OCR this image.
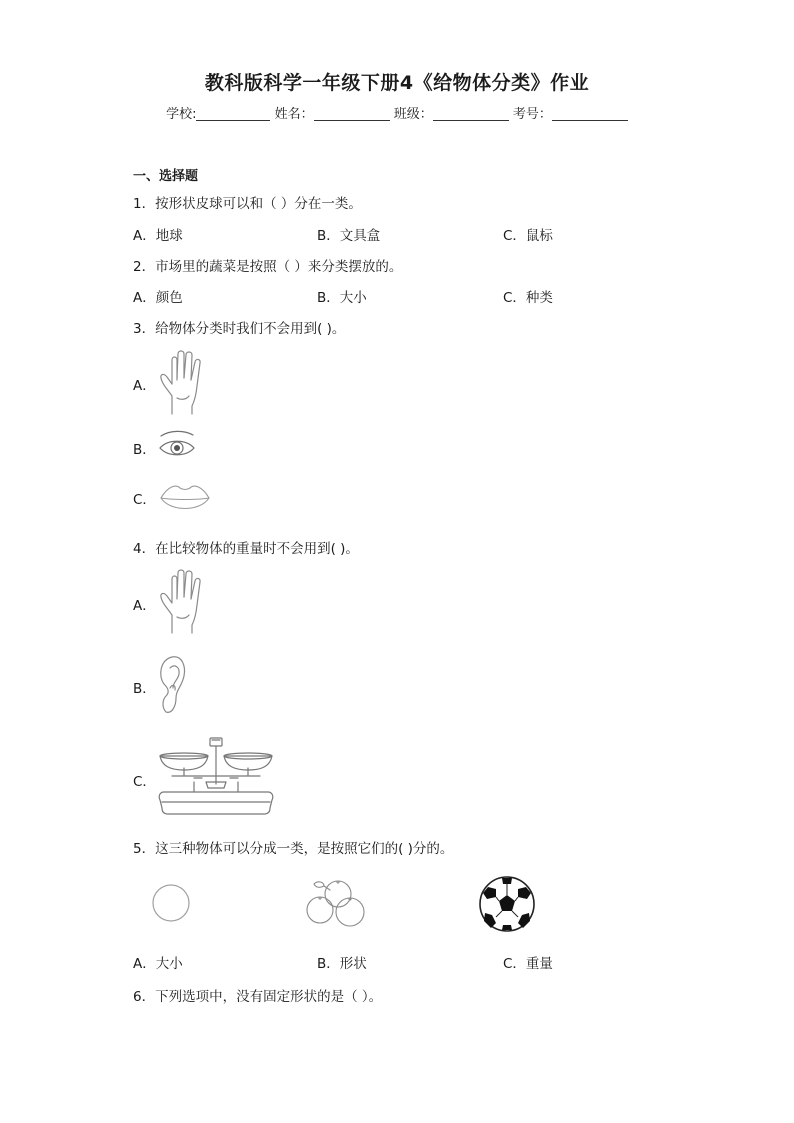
教科版科学一年级下册4《给物体分类》作业
学校:	姓名：	班级：	考号：
一、选择题
1．按形状皮球可以和（ ）分在一类。
A．地球	B．文具盒	C．鼠标
2．市场里的蔬菜是按照（ ）来分类摆放的。
A．颜色	B．大小	C．种类
3．给物体分类时我们不会用到( )。
A．
B．
C．
4．在比较物体的重量时不会用到( )。
A．
B．
C．
5．这三种物体可以分成一类，是按照它们的( )分的。
A．大小	B．形状	C．重量
6．下列选项中，没有固定形状的是（ ）。
